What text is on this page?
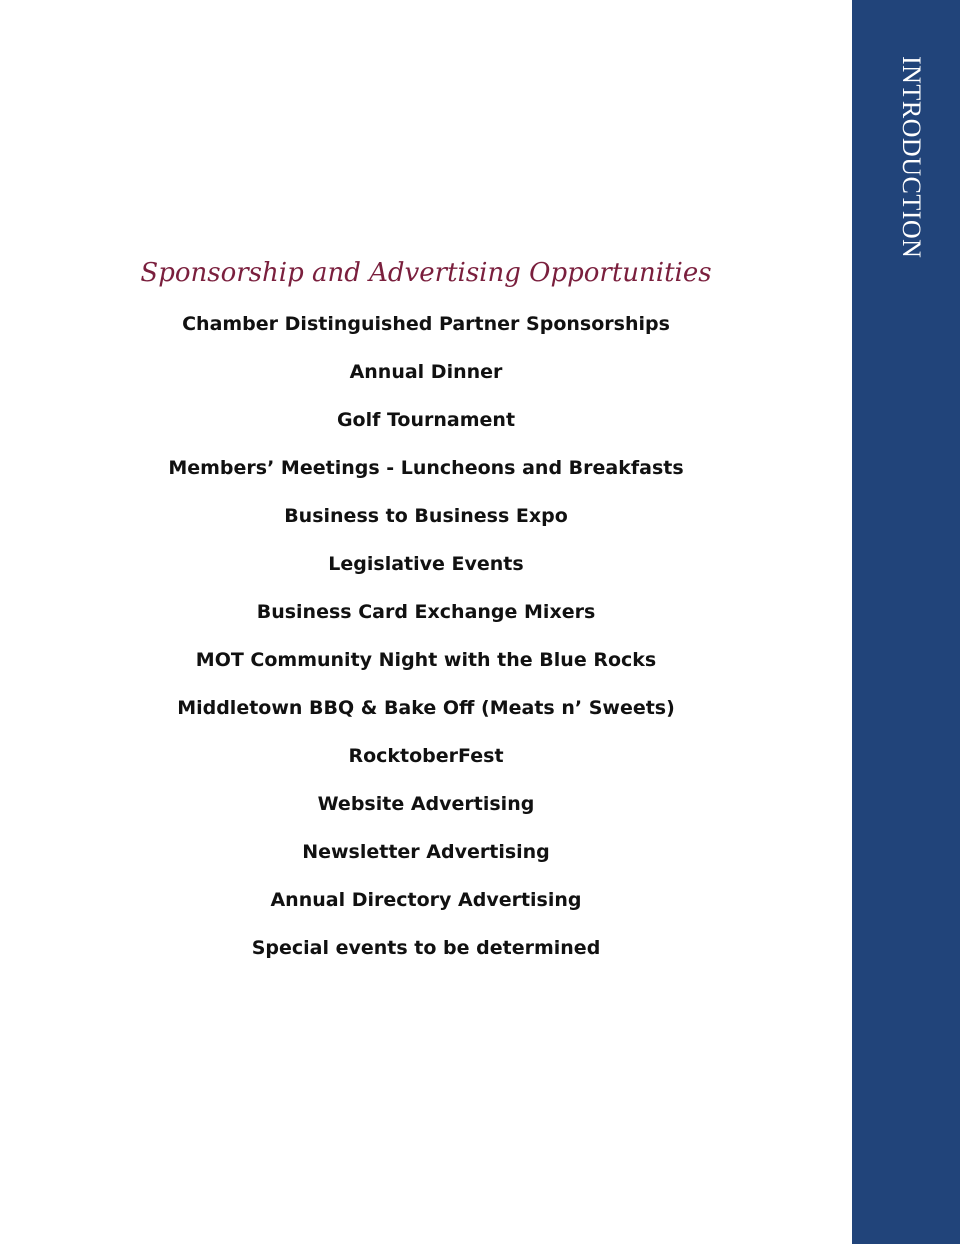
Sponsorship and Advertising Opportunities
Chamber Distinguished Partner Sponsorships
Annual Dinner
Golf Tournament
Members’ Meetings - Luncheons and Breakfasts
Business to Business Expo
Legislative Events
Business Card Exchange Mixers
MOT Community Night with the Blue Rocks
Middletown BBQ & Bake Off (Meats n’ Sweets)
RocktoberFest
Website Advertising
Newsletter Advertising
Annual Directory Advertising
Special events to be determined
INTRODUCTION
